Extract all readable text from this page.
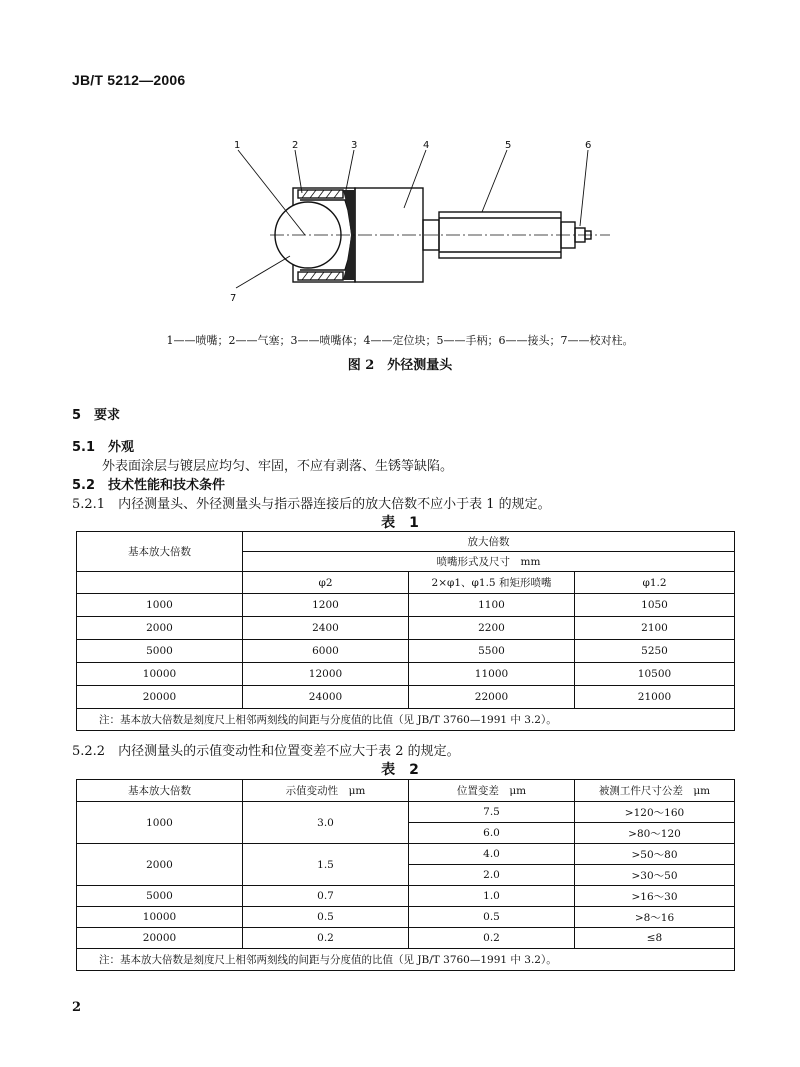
JB/T 5212—2006
1	2	3	4	5	6
7
1——喷嘴；2——气塞；3——喷嘴体；4——定位块；5——手柄；6——接头；7——校对柱。
图 2　外径测量头
5　要求
5.1　外观
外表面涂层与镀层应均匀、牢固，不应有剥落、生锈等缺陷。
5.2　技术性能和技术条件
5.2.1　内径测量头、外径测量头与指示器连接后的放大倍数不应小于表 1 的规定。
表　1
基本放大倍数	放大倍数		
	喷嘴形式及尺寸　mm		
	φ2	2×φ1、φ1.5 和矩形喷嘴	φ1.2
1000	1200	1100	1050
2000	2400	2200	2100
5000	6000	5500	5250
10000	12000	11000	10500
20000	24000	22000	21000
注：基本放大倍数是刻度尺上相邻两刻线的间距与分度值的比值（见 JB/T 3760—1991 中 3.2）。			
5.2.2　内径测量头的示值变动性和位置变差不应大于表 2 的规定。
表　2
基本放大倍数	示值变动性　μm	位置变差　μm	被测工件尺寸公差　μm
1000	3.0	7.5	>120～160
		6.0	>80～120
2000	1.5	4.0	>50～80
		2.0	>30～50
5000	0.7	1.0	>16～30
10000	0.5	0.5	>8～16
20000	0.2	0.2	≤8
注：基本放大倍数是刻度尺上相邻两刻线的间距与分度值的比值（见 JB/T 3760—1991 中 3.2）。			
2
